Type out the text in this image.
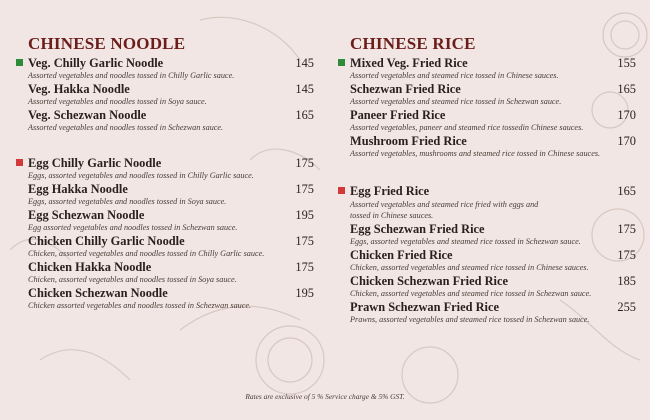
CHINESE NOODLE
Veg. Chilly Garlic Noodle	145
Assorted vegetables and noodles tossed in Chilly Garlic sauce.
Veg. Hakka Noodle	145
Assorted vegetables and noodles tossed in Soya sauce.
Veg. Schezwan Noodle	165
Assorted vegetables and noodles tossed in Schezwan sauce.
Egg Chilly Garlic Noodle	175
Eggs, assorted vegetables and noodles tossed in Chilly Garlic sauce.
Egg Hakka Noodle	175
Eggs, assorted vegetables and noodles tossed in Soya sauce.
Egg Schezwan Noodle	195
Egg assorted vegetables and noodles tossed in Schezwan sauce.
Chicken Chilly Garlic Noodle	175
Chicken, assorted vegetables and noodles tossed in Chilly Garlic sauce.
Chicken Hakka Noodle	175
Chicken, assorted vegetables and noodles tossed in Soya sauce.
Chicken Schezwan Noodle	195
Chicken assorted vegetables and noodles tossed in Schezwan sauce.
CHINESE RICE
Mixed Veg. Fried Rice	155
Assorted vegetables and steamed rice tossed in Chinese sauces.
Schezwan Fried Rice	165
Assorted vegetables and steamed rice tossed in Schezwan sauce.
Paneer Fried Rice	170
Assorted vegetables, paneer and steamed rice tossedin Chinese sauces.
Mushroom Fried Rice	170
Assorted vegetables, mushrooms and steamed rice tossed in Chinese sauces.
Egg Fried Rice	165
Assorted vegetables and steamed rice fried with eggs and tossed in Chinese sauces.
Egg Schezwan Fried Rice	175
Eggs, assorted vegetables and steamed rice tossed in Schezwan sauce.
Chicken Fried Rice	175
Chicken, assorted vegetables and steamed rice tossed in Chinese sauces.
Chicken Schezwan Fried Rice	185
Chicken, assorted vegetables and steamed rice tossed in Schezwan sauce.
Prawn Schezwan Fried Rice	255
Prawns, assorted vegetables and steamed rice tossed in Schezwan sauce.
Rates are exclusive of 5 % Service charge & 5% GST.
